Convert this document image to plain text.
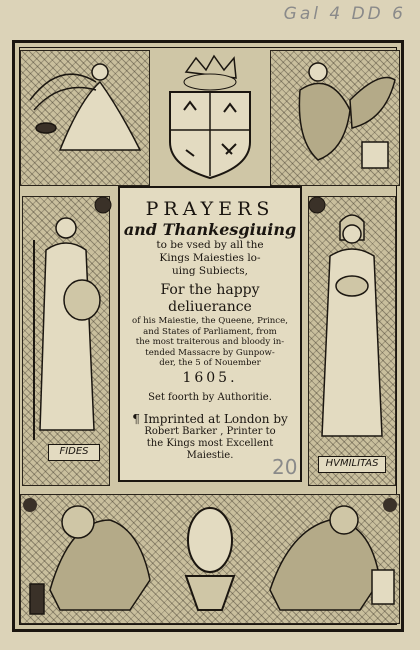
Gal 4 DD 6
FIDES
HVMILITAS
PRAYERS
and Thankesgiuing
to be vsed by all the
Kings Maiesties lo-
uing Subiects,
For the happy deliuerance
of his Maiestie, the Queene, Prince,
and States of Parliament, from
the most traiterous and bloody in-
tended Massacre by Gunpow-
der, the 5 of Nouember
1605.
Set foorth by Authoritie.
¶ Imprinted at London by
Robert Barker , Printer to
the Kings most Excellent
Maiestie.	20
